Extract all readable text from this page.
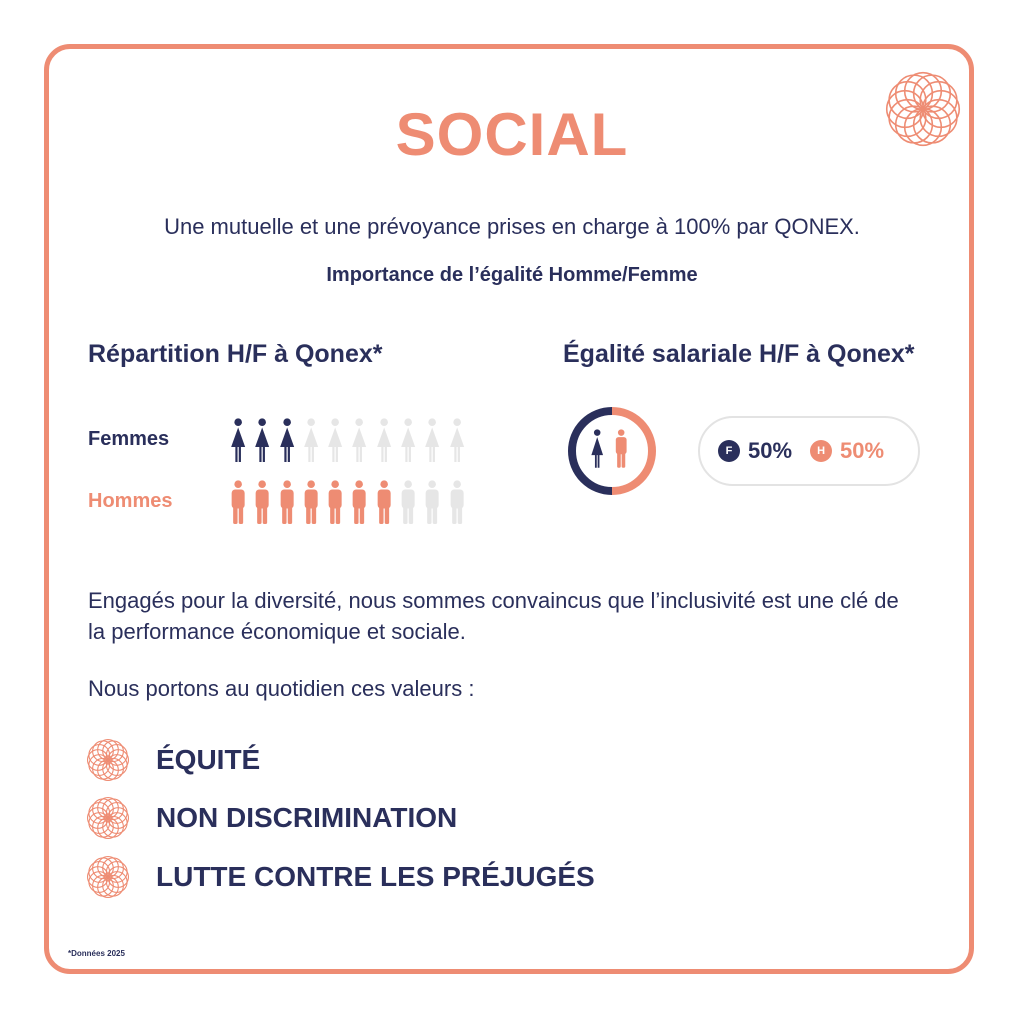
SOCIAL
Une mutuelle et une prévoyance prises en charge à 100% par QONEX.
Importance de l’égalité Homme/Femme
Répartition H/F à Qonex*	Égalité salariale H/F à Qonex*
Femmes
Hommes
F 50%	H 50%
Engagés pour la diversité, nous sommes convaincus que l’inclusivité est une clé de la performance économique et sociale.
Nous portons au quotidien ces valeurs :
ÉQUITÉ
NON DISCRIMINATION
LUTTE CONTRE LES PRÉJUGÉS
*Données 2025
